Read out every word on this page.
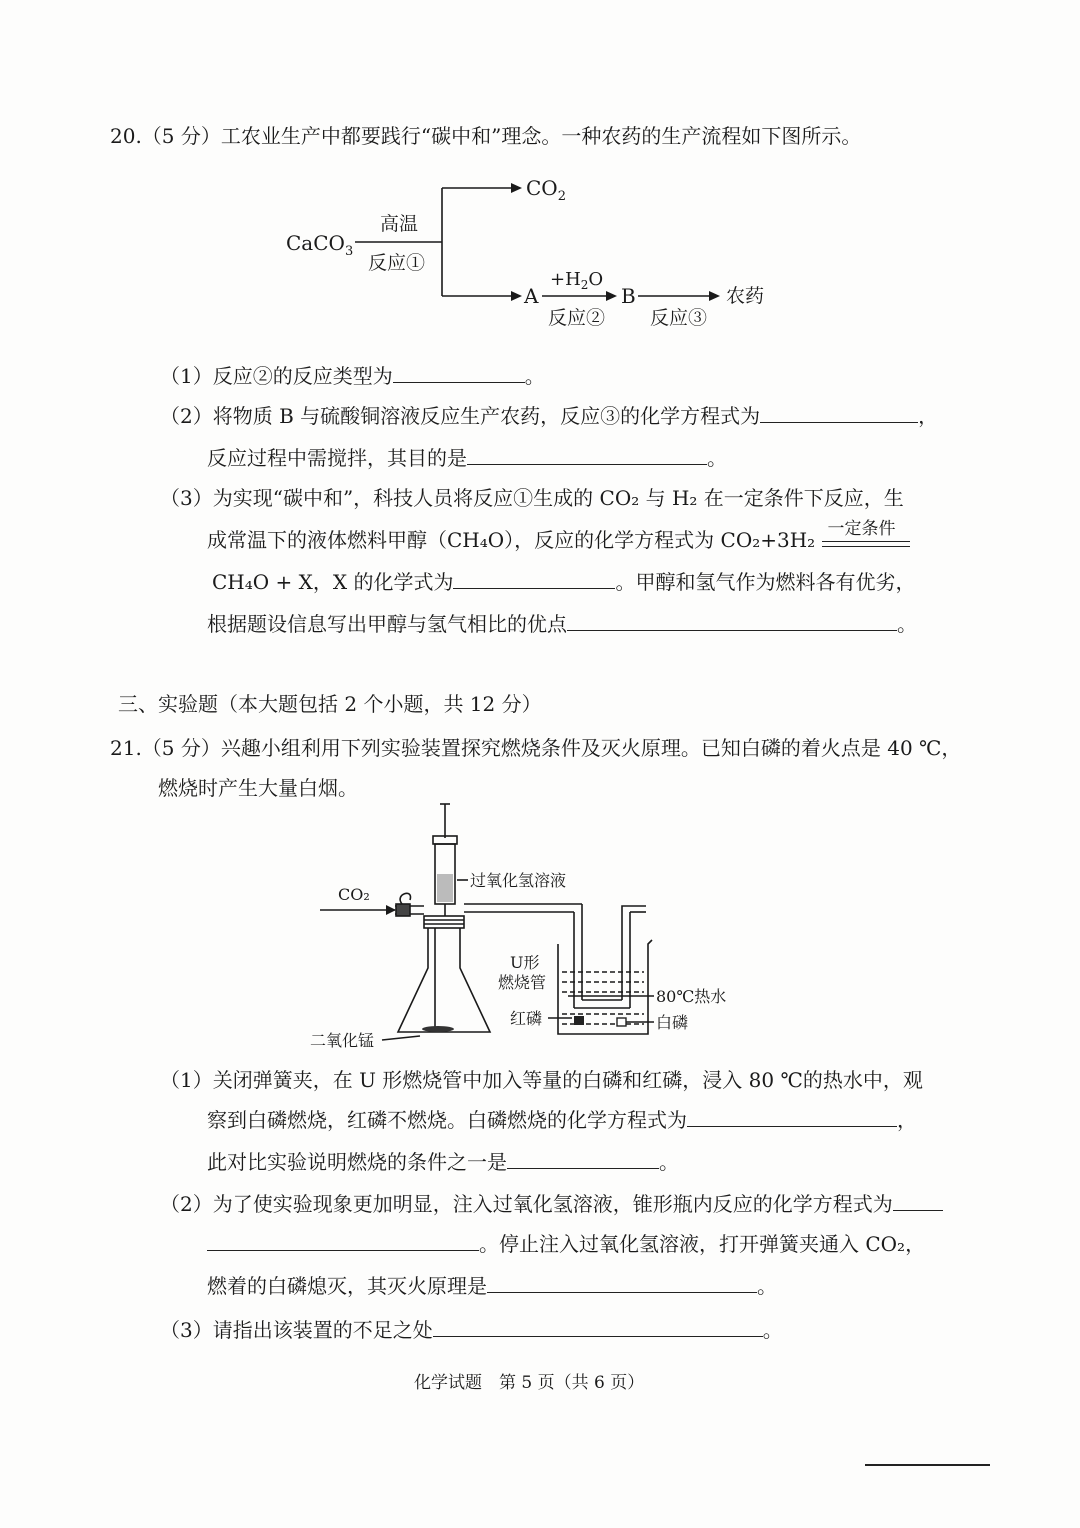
20.（5 分）工农业生产中都要践行“碳中和”理念。一种农药的生产流程如下图所示。
CaCO$_3$
高温
反应①
$CO_2$
A
$+H_2O$
反应②
B
反应③
农药
（1）反应②的反应类型为	。
（2）将物质 B 与硫酸铜溶液反应生产农药，反应③的化学方程式为	，
反应过程中需搅拌，其目的是	。
（3）为实现“碳中和”，科技人员将反应①生成的 CO₂ 与 H₂ 在一定条件下反应，生
成常温下的液体燃料甲醇（CH₄O），反应的化学方程式为 CO₂+3H₂ 一定条件
CH₄O + X，X 的化学式为	。甲醇和氢气作为燃料各有优劣，
根据题设信息写出甲醇与氢气相比的优点	。
三、实验题（本大题包括 2 个小题，共 12 分）
21.（5 分）兴趣小组利用下列实验装置探究燃烧条件及灭火原理。已知白磷的着火点是 40 ℃，
燃烧时产生大量白烟。
CO₂
过氧化氢溶液
U形
燃烧管
80℃热水
红磷	白磷
二氧化锰
（1）关闭弹簧夹，在 U 形燃烧管中加入等量的白磷和红磷，浸入 80 ℃的热水中，观
察到白磷燃烧，红磷不燃烧。白磷燃烧的化学方程式为	，
此对比实验说明燃烧的条件之一是	。
（2）为了使实验现象更加明显，注入过氧化氢溶液，锥形瓶内反应的化学方程式为
。停止注入过氧化氢溶液，打开弹簧夹通入 CO₂，
燃着的白磷熄灭，其灭火原理是	。
（3）请指出该装置的不足之处	。
化学试题　第 5 页（共 6 页）
